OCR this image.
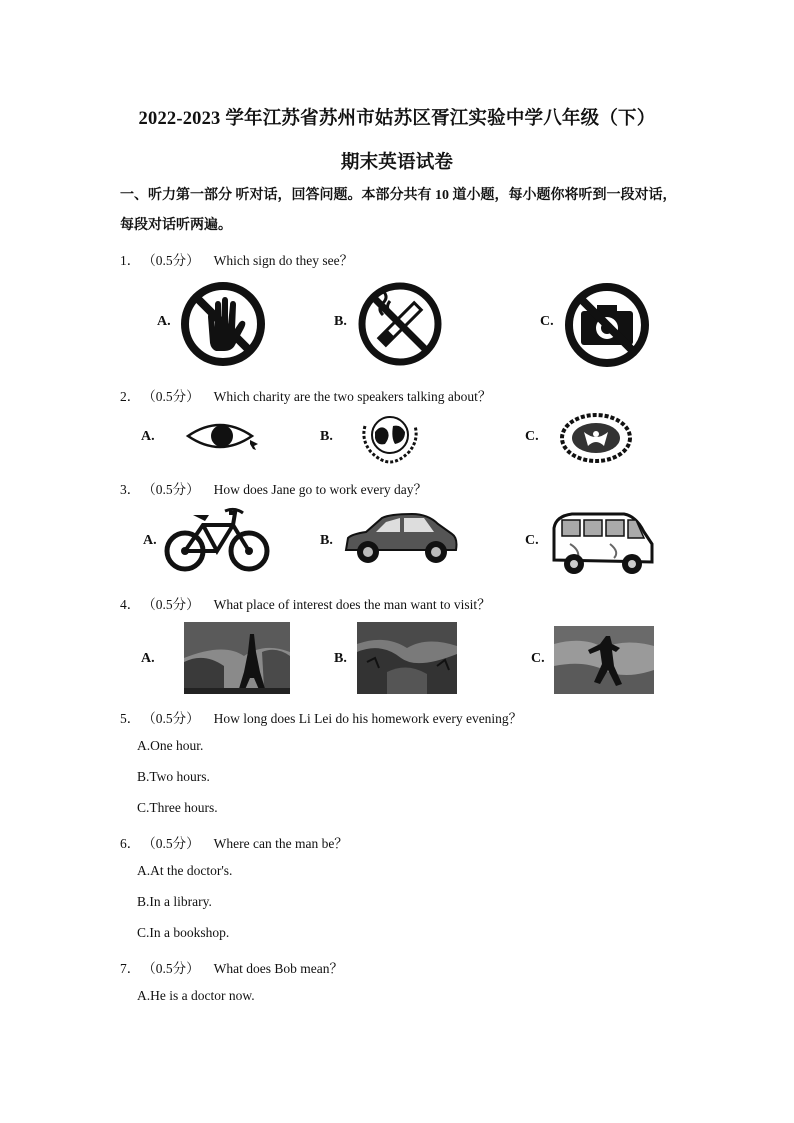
2022-2023 学年江苏省苏州市姑苏区胥江实验中学八年级（下）
期末英语试卷
一、听力第一部分 听对话，回答问题。本部分共有 10 道小题，每小题你将听到一段对话，每段对话听两遍。
1． （0.5分） Which sign do they see？
A.	B.	C.
2． （0.5分） Which charity are the two speakers talking about？
A.	B.	C.
3． （0.5分） How does Jane go to work every day？
A.	B.	C.
4． （0.5分） What place of interest does the man want to visit？
A.	B.	C.
5． （0.5分） How long does Li Lei do his homework every evening？
A.One hour.
B.Two hours.
C.Three hours.
6． （0.5分） Where can the man be？
A.At the doctor's.
B.In a library.
C.In a bookshop.
7． （0.5分） What does Bob mean？
A.He is a doctor now.
